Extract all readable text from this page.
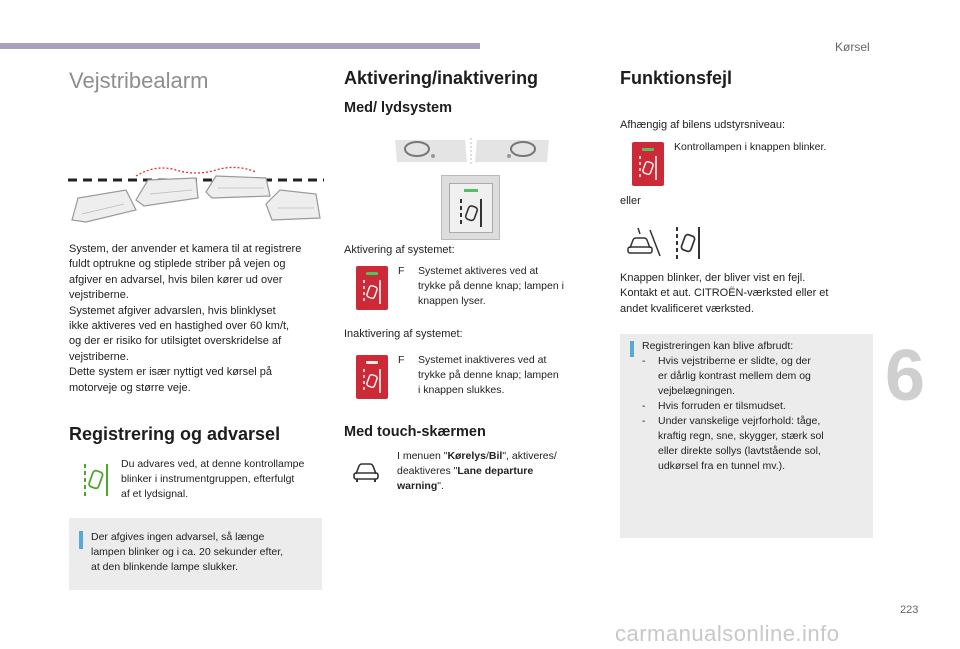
Kørsel
6
223
carmanualsonline.info
Vejstribealarm
System, der anvender et kamera til at registrere
fuldt optrukne og stiplede striber på vejen og
afgiver en advarsel, hvis bilen kører ud over
vejstriberne.
Systemet afgiver advarslen, hvis blinklyset
ikke aktiveres ved en hastighed over 60 km/t,
og der er risiko for utilsigtet overskridelse af
vejstriberne.
Dette system er især nyttigt ved kørsel på
motorveje og større veje.
Registrering og advarsel
Du advares ved, at denne kontrollampe
blinker i instrumentgruppen, efterfulgt
af et lydsignal.
Der afgives ingen advarsel, så længe
lampen blinker og i ca. 20 sekunder efter,
at den blinkende lampe slukker.
Aktivering/inaktivering
Med/ lydsystem
Aktivering af systemet:
F	Systemet aktiveres ved at
trykke på denne knap; lampen i
knappen lyser.
Inaktivering af systemet:
F	Systemet inaktiveres ved at
trykke på denne knap; lampen
i knappen slukkes.
Med touch-skærmen
I menuen "Kørelys/Bil", aktiveres/
deaktiveres "Lane departure
warning".
Funktionsfejl
Afhængig af bilens udstyrsniveau:
Kontrollampen i knappen blinker.
eller
Knappen blinker, der bliver vist en fejl.
Kontakt et aut. CITROËN-værksted eller et
andet kvalificeret værksted.
Registreringen kan blive afbrudt:
- Hvis vejstriberne er slidte, og der
er dårlig kontrast mellem dem og
vejbelægningen.
- Hvis forruden er tilsmudset.
- Under vanskelige vejrforhold: tåge,
kraftig regn, sne, skygger, stærk sol
eller direkte sollys (lavtstående sol,
udkørsel fra en tunnel mv.).
